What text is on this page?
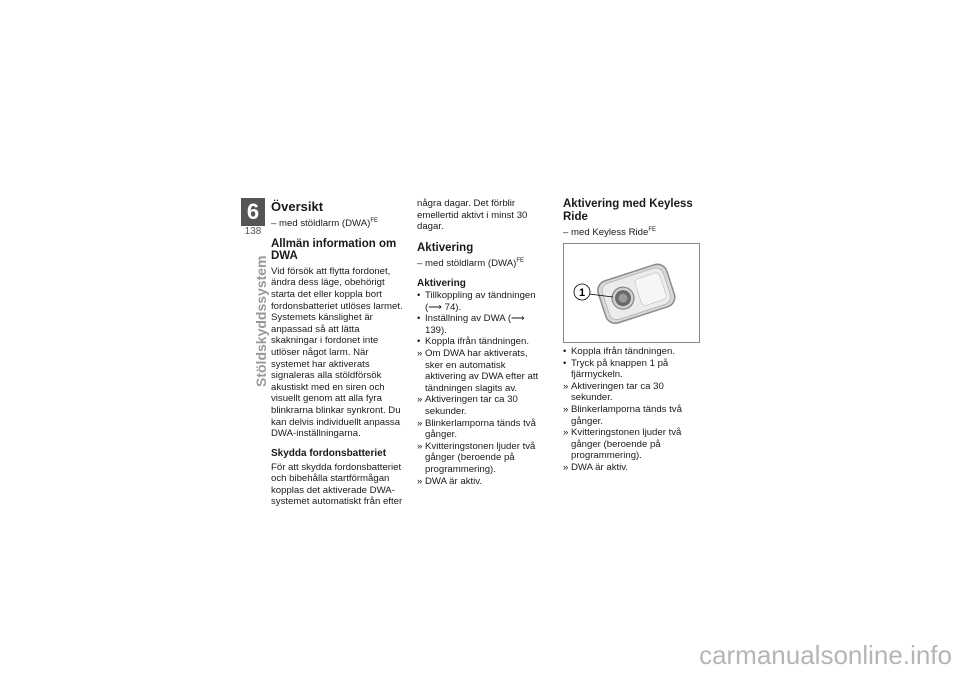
6
138
Stöldskyddssystem
Översikt
– med stöldlarm (DWA)$^{FE}$
Allmän information om DWA

Vid försök att flytta fordonet, ändra dess läge, obehörigt starta det eller koppla bort fordonsbatteriet utlöses larmet. Systemets känslighet är anpassad så att lätta skakningar i fordonet inte utlöser något larm. När systemet har aktiverats signaleras alla stöldförsök akustiskt med en siren och visuellt genom att alla fyra blinkrarna blinkar synkront. Du kan delvis individuellt anpassa DWA-inställningarna.

Skydda fordonsbatteriet

För att skydda fordonsbatteriet och bibehålla startförmågan kopplas det aktiverade DWA-systemet automatiskt från efter

några dagar. Det förblir emellertid aktivt i minst 30 dagar.

Aktivering
– med stöldlarm (DWA)$^{FE}$
Aktivering
• Tillkoppling av tändningen (⟶ 74).
• Inställning av DWA (⟶ 139).
• Koppla ifrån tändningen.
» Om DWA har aktiverats, sker en automatisk aktivering av DWA efter att tändningen slagits av.
» Aktiveringen tar ca 30 sekunder.
» Blinkerlamporna tänds två gånger.
» Kvitteringstonen ljuder två gånger (beroende på programmering).
» DWA är aktiv.
Aktivering med Keyless Ride
– med Keyless Ride$^{FE}$
1
• Koppla ifrån tändningen.
• Tryck på knappen 1 på fjärrnyckeln.
» Aktiveringen tar ca 30 sekunder.
» Blinkerlamporna tänds två gånger.
» Kvitteringstonen ljuder två gånger (beroende på programmering).
» DWA är aktiv.
carmanualsonline.info
